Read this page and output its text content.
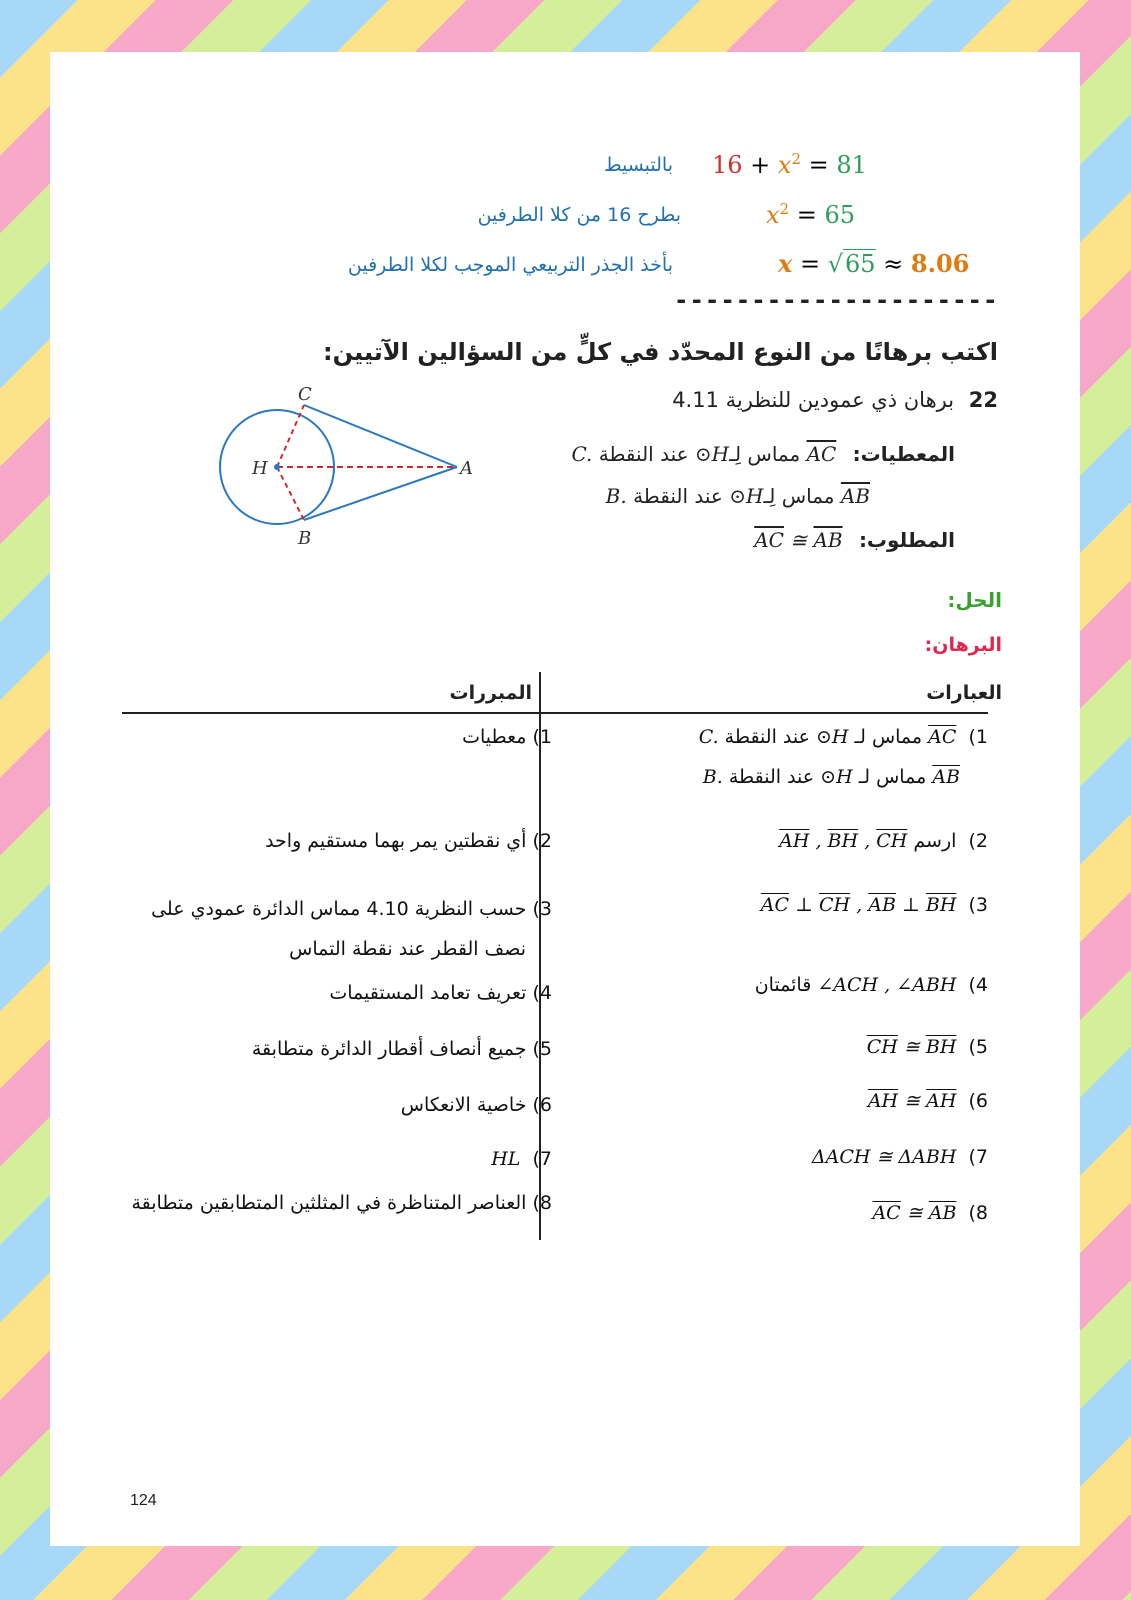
$16 + x^2 = 81$
بالتبسيط
$x^2 = 65$
بطرح 16 من كلا الطرفين
x = √65 ≈ 8.06
بأخذ الجذر التربيعي الموجب لكلا الطرفين
---------------------
اكتب برهانًا من النوع المحدّد في كلٍّ من السؤالين الآتيين:
22 برهان ذي عمودين للنظرية 4.11
المعطيات: $\overline{AC}$ مماس لِـ⊙H عند النقطة C.
$\overline{AB}$ مماس لِـ⊙H عند النقطة B.
المطلوب: $\overline{AC}$ ≅ $\overline{AB}$
C
H	A
B
الحل:
البرهان:
العبارات
المبررات
1)  $\overline{AC}$ مماس لـ ⊙H عند النقطة C.
$\overline{AB}$ مماس لـ ⊙H عند النقطة B.
2)  ارسم $\overline{AH}$ , $\overline{BH}$ , $\overline{CH}$
3)  $\overline{AC}$ ⊥ $\overline{CH}$ , $\overline{AB}$ ⊥ $\overline{BH}$
4)  ∠ACH , ∠ABH قائمتان
5)  $\overline{CH}$ ≅ $\overline{BH}$
6)  $\overline{AH}$ ≅ $\overline{AH}$
7)  ΔACH ≅ ΔABH
8)  $\overline{AC}$ ≅ $\overline{AB}$
1) معطيات
2) أي نقطتين يمر بهما مستقيم واحد
3) حسب النظرية 4.10 مماس الدائرة عمودي على
نصف القطر عند نقطة التماس
4) تعريف تعامد المستقيمات
5) جميع أنصاف أقطار الدائرة متطابقة
6) خاصية الانعكاس
7)  HL
8) العناصر المتناظرة في المثلثين المتطابقين متطابقة
124
